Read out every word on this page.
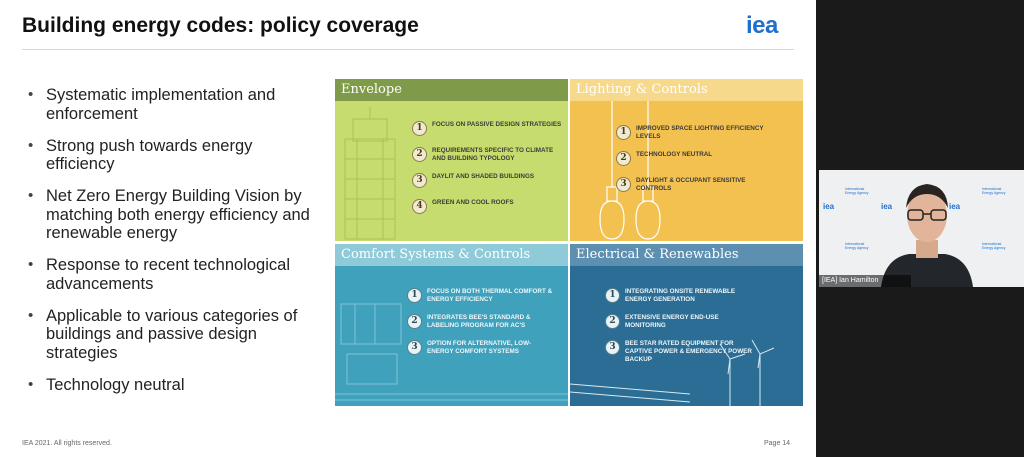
Building energy codes: policy coverage	iea
• Systematic implementation and enforcement
• Strong push towards energy efficiency
• Net Zero Energy Building Vision by matching both energy efficiency and renewable energy
• Response to recent technological advancements
• Applicable to various categories of buildings and passive design strategies
• Technology neutral
Envelope
1	FOCUS ON PASSIVE DESIGN STRATEGIES
2	REQUIREMENTS SPECIFIC TO CLIMATE AND BUILDING TYPOLOGY
3	DAYLIT AND SHADED BUILDINGS
4	GREEN AND COOL ROOFS
Lighting & Controls
1	IMPROVED SPACE LIGHTING EFFICIENCY LEVELS
2	TECHNOLOGY NEUTRAL
3	DAYLIGHT & OCCUPANT SENSITIVE CONTROLS
Comfort Systems & Controls
1	FOCUS ON BOTH THERMAL COMFORT & ENERGY EFFICIENCY
2	INTEGRATES BEE'S STANDARD & LABELING PROGRAM FOR AC'S
3	OPTION FOR ALTERNATIVE, LOW-ENERGY COMFORT SYSTEMS
Electrical & Renewables
1	INTEGRATING ONSITE RENEWABLE ENERGY GENERATION
2	EXTENSIVE ENERGY END-USE MONITORING
3	BEE STAR RATED EQUIPMENT FOR CAPTIVE POWER & EMERGENCY POWER BACKUP
IEA 2021. All rights reserved.	Page 14
iea	iea	iea
International Energy Agency
International Energy Agency
International Energy Agency
International Energy Agency
[IEA] Ian Hamilton
